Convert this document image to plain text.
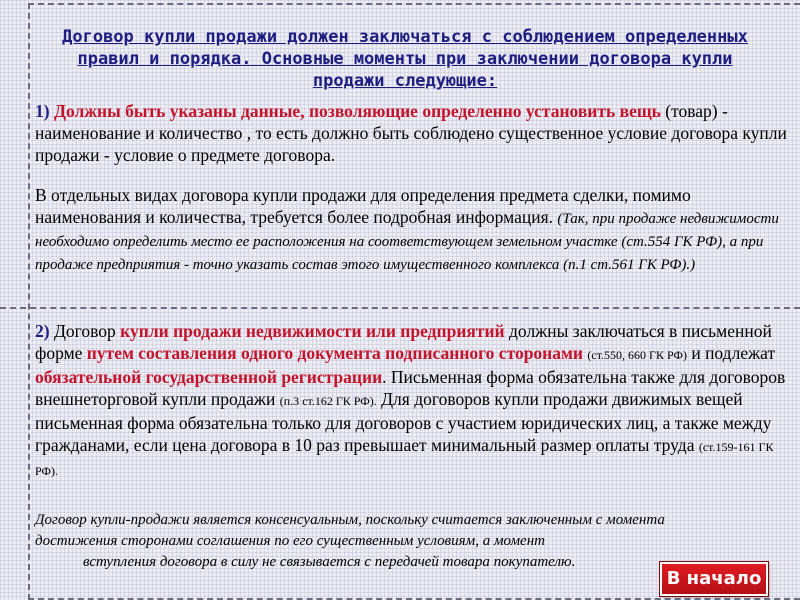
Договор купли продажи должен заключаться с соблюдением определенных правил и порядка. Основные моменты при заключении договора купли продажи следующие:
1) Должны быть указаны данные, позволяющие определенно установить вещь (товар) - наименование и количество , то есть должно быть соблюдено существенное условие договора купли продажи - условие о предмете договора.
В отдельных видах договора купли продажи для определения предмета сделки, помимо наименования и количества, требуется более подробная информация. (Так, при продаже недвижимости необходимо определить место ее расположения на соответствующем земельном участке (ст.554 ГК РФ), а при продаже предприятия - точно указать состав этого имущественного комплекса (п.1 ст.561 ГК РФ).)
2) Договор купли продажи недвижимости или предприятий должны заключаться в письменной форме путем составления одного документа подписанного сторонами (ст.550, 660 ГК РФ) и подлежат обязательной государственной регистрации. Письменная форма обязательна также для договоров внешнеторговой купли продажи (п.3 ст.162 ГК РФ). Для договоров купли продажи движимых вещей письменная форма обязательна только для договоров с участием юридических лиц, а также между гражданами, если цена договора в 10 раз превышает минимальный размер оплаты труда (ст.159-161 ГК РФ).
Договор купли-продажи является консенсуальным, поскольку считается заключенным с момента достижения сторонами соглашения по его существенным условиям, а момент
вступления договора в силу не связывается с передачей товара покупателю.
В начало
